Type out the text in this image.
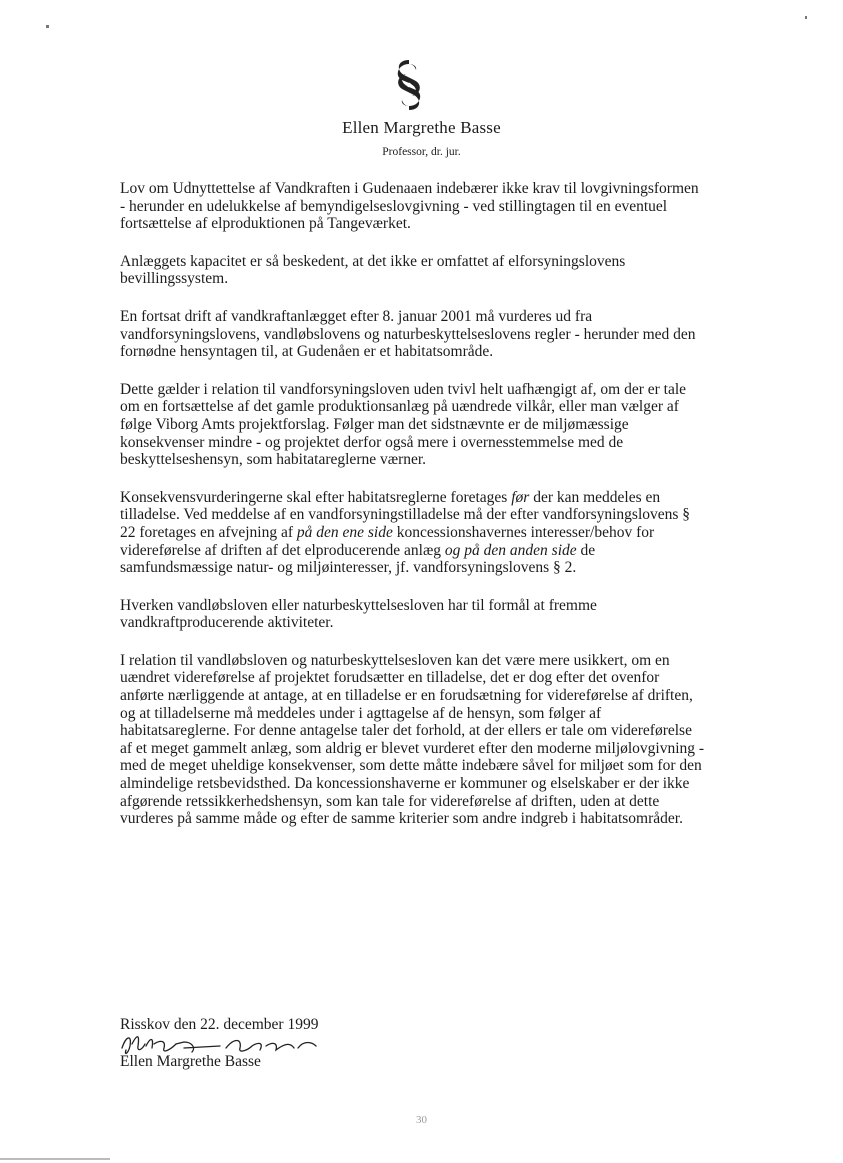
Ellen Margrethe Basse
Professor, dr. jur.

Lov om Udnyttettelse af Vandkraften i Gudenaaen indebærer ikke krav til lovgivningsformen - herunder en udelukkelse af bemyndigelseslovgivning - ved stillingtagen til en eventuel fortsættelse af elproduktionen på Tangeværket.

Anlæggets kapacitet er så beskedent, at det ikke er omfattet af elforsyningslovens bevillingssystem.

En fortsat drift af vandkraftanlægget efter 8. januar 2001 må vurderes ud fra vandforsyningslovens, vandløbslovens og naturbeskyttelseslovens regler - herunder med den fornødne hensyntagen til, at Gudenåen er et habitatsområde.

Dette gælder i relation til vandforsyningsloven uden tvivl helt uafhængigt af, om der er tale om en fortsættelse af det gamle produktionsanlæg på uændrede vilkår, eller man vælger af følge Viborg Amts projektforslag. Følger man det sidstnævnte er de miljømæssige konsekvenser mindre - og projektet derfor også mere i overnesstemmelse med de beskyttelseshensyn, som habitatareglerne værner.

Konsekvensvurderingerne skal efter habitatsreglerne foretages før der kan meddeles en tilladelse. Ved meddelse af en vandforsyningstilladelse må der efter vandforsyningslovens § 22 foretages en afvejning af på den ene side koncessionshavernes interesser/behov for videreførelse af driften af det elproducerende anlæg og på den anden side de samfundsmæssige natur- og miljøinteresser, jf. vandforsyningslovens § 2.

Hverken vandløbsloven eller naturbeskyttelsesloven har til formål at fremme vandkraftproducerende aktiviteter.

I relation til vandløbsloven og naturbeskyttelsesloven kan det være mere usikkert, om en uændret videreførelse af projektet forudsætter en tilladelse, det er dog efter det ovenfor anførte nærliggende at antage, at en tilladelse er en forudsætning for videreførelse af driften, og at tilladelserne må meddeles under i agttagelse af de hensyn, som følger af habitatsareglerne. For denne antagelse taler det forhold, at der ellers er tale om videreførelse af et meget gammelt anlæg, som aldrig er blevet vurderet efter den moderne miljølovgivning - med de meget uheldige konsekvenser, som dette måtte indebære såvel for miljøet som for den almindelige retsbevidsthed. Da koncessionshaverne er kommuner og elselskaber er der ikke afgørende retssikkerhedshensyn, som kan tale for videreførelse af driften, uden at dette vurderes på samme måde og efter de samme kriterier som andre indgreb i habitatsområder.

Risskov den 22. december 1999
Ellen Margrethe Basse
30
